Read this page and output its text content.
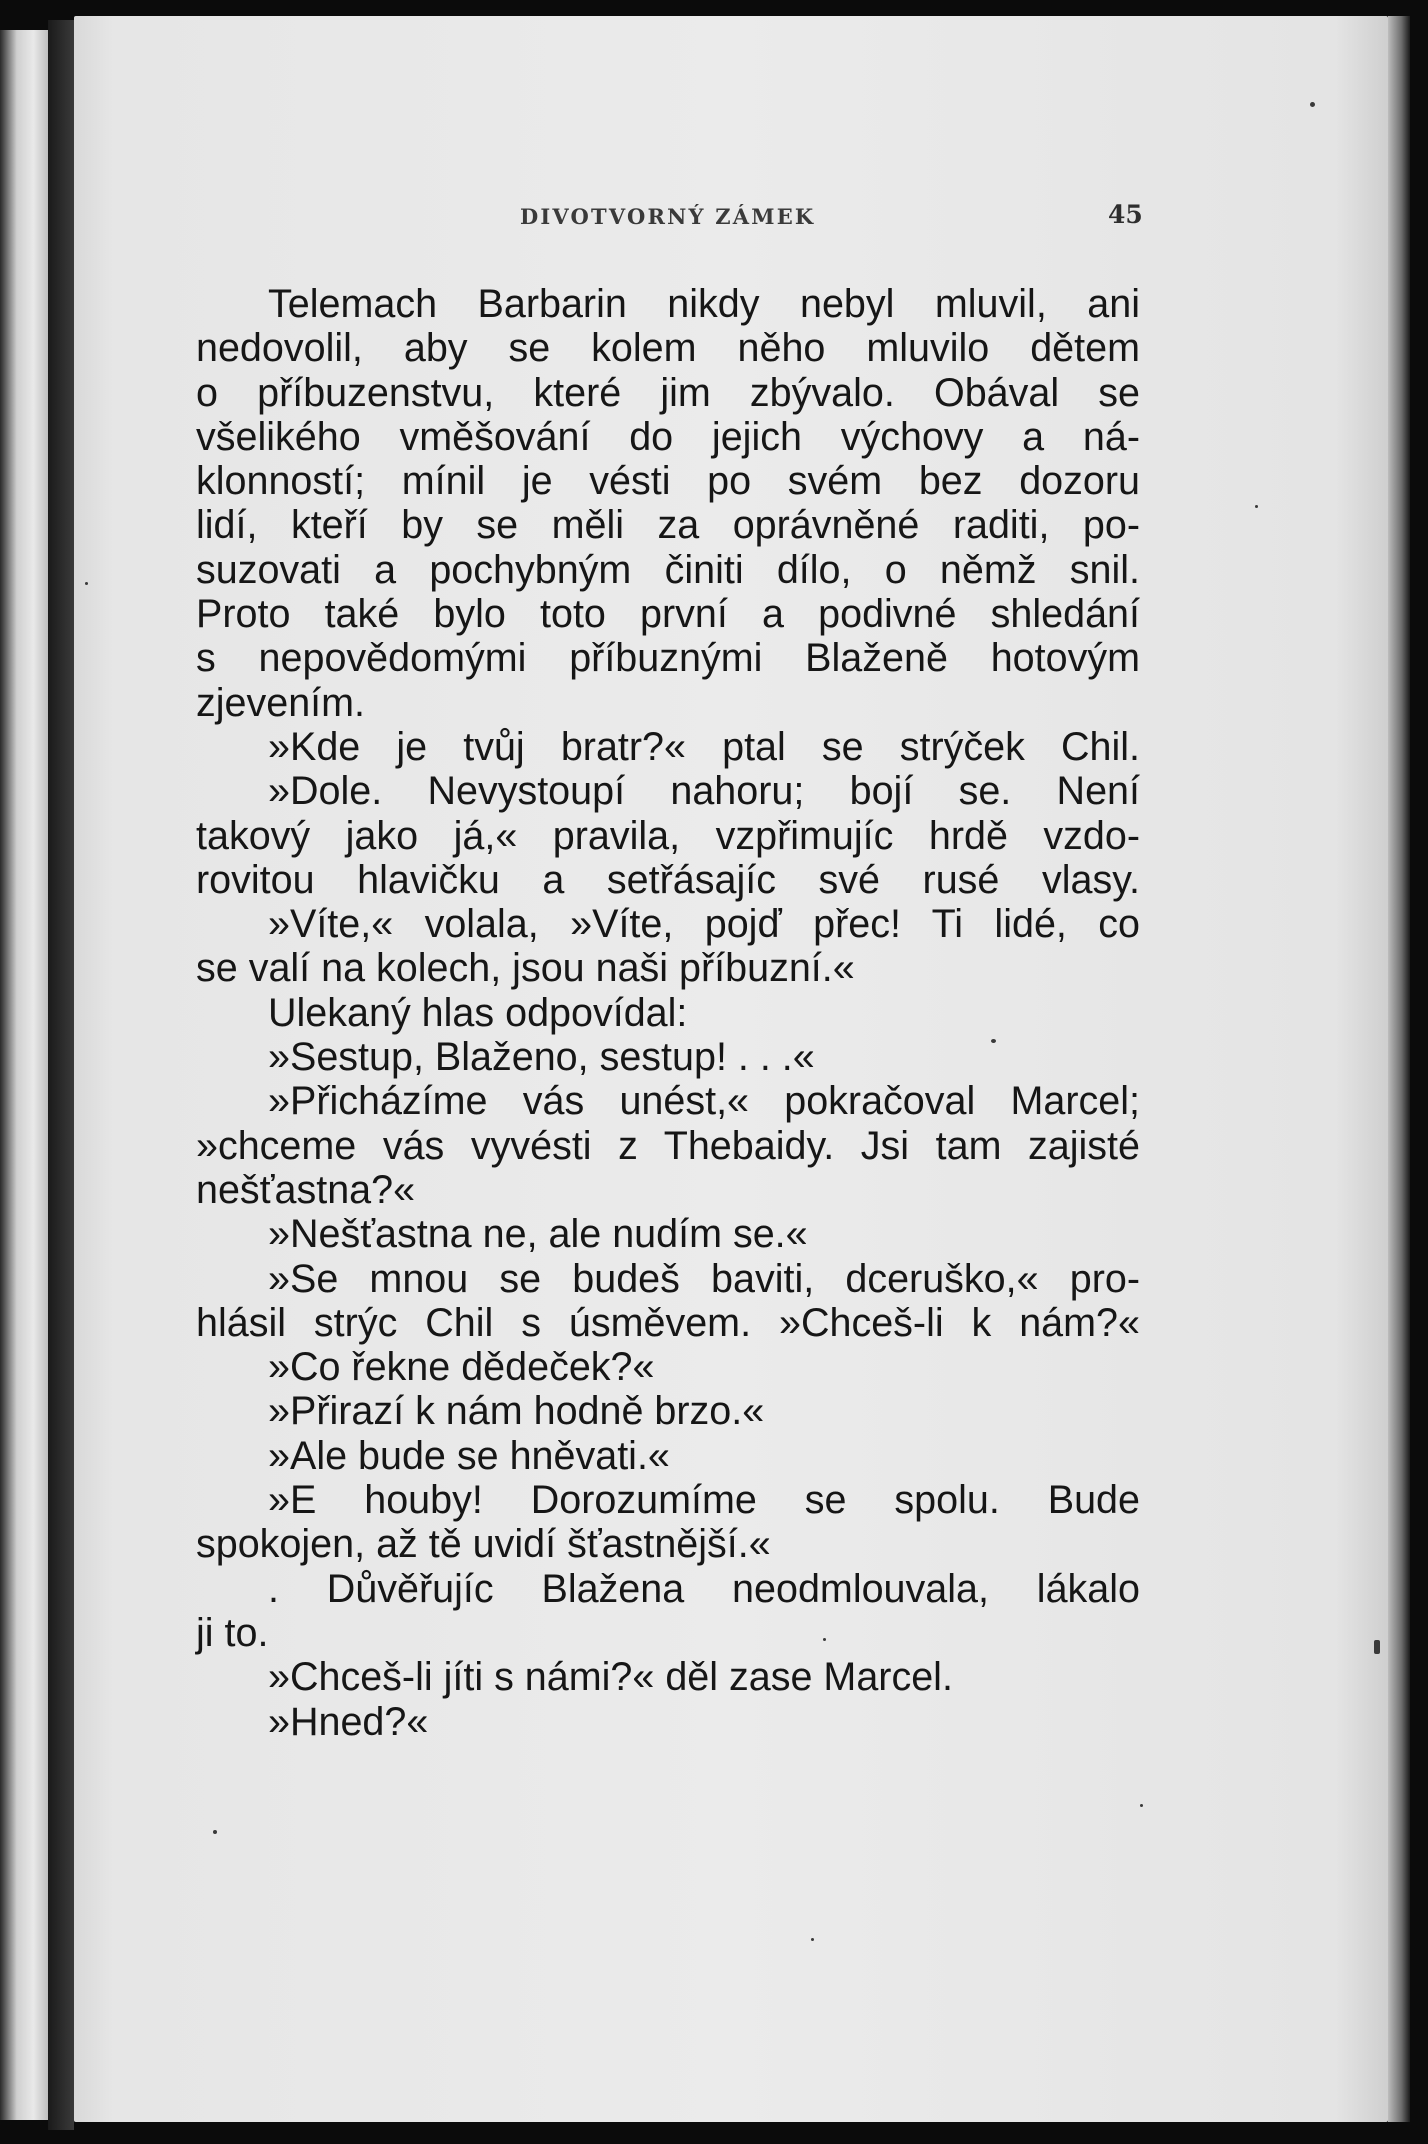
DIVOTVORNÝ ZÁMEK	45
Telemach Barbarin nikdy nebyl mluvil, ani
nedovolil, aby se kolem něho mluvilo dětem
o příbuzenstvu, které jim zbývalo. Obával se
všelikého vměšování do jejich výchovy a ná-
klonností; mínil je vésti po svém bez dozoru
lidí, kteří by se měli za oprávněné raditi, po-
suzovati a pochybným činiti dílo, o němž snil.
Proto také bylo toto první a podivné shledání
s nepovědomými příbuznými Blaženě hotovým
zjevením.
»Kde je tvůj bratr?« ptal se strýček Chil.
»Dole. Nevystoupí nahoru; bojí se. Není
takový jako já,« pravila, vzpřimujíc hrdě vzdo-
rovitou hlavičku a setřásajíc své rusé vlasy.
»Víte,« volala, »Víte, pojď přec! Ti lidé, co
se valí na kolech, jsou naši příbuzní.«
Ulekaný hlas odpovídal:
»Sestup, Blaženo, sestup! . . .«
»Přicházíme vás unést,« pokračoval Marcel;
»chceme vás vyvésti z Thebaidy. Jsi tam zajisté
nešťastna?«
»Nešťastna ne, ale nudím se.«
»Se mnou se budeš baviti, dceruško,« pro-
hlásil strýc Chil s úsměvem. »Chceš-li k nám?«
»Co řekne dědeček?«
»Přirazí k nám hodně brzo.«
»Ale bude se hněvati.«
»E houby! Dorozumíme se spolu. Bude
spokojen, až tě uvidí šťastnější.«
. Důvěřujíc Blažena neodmlouvala, lákalo
ji to.
»Chceš-li jíti s námi?« děl zase Marcel.
»Hned?«
